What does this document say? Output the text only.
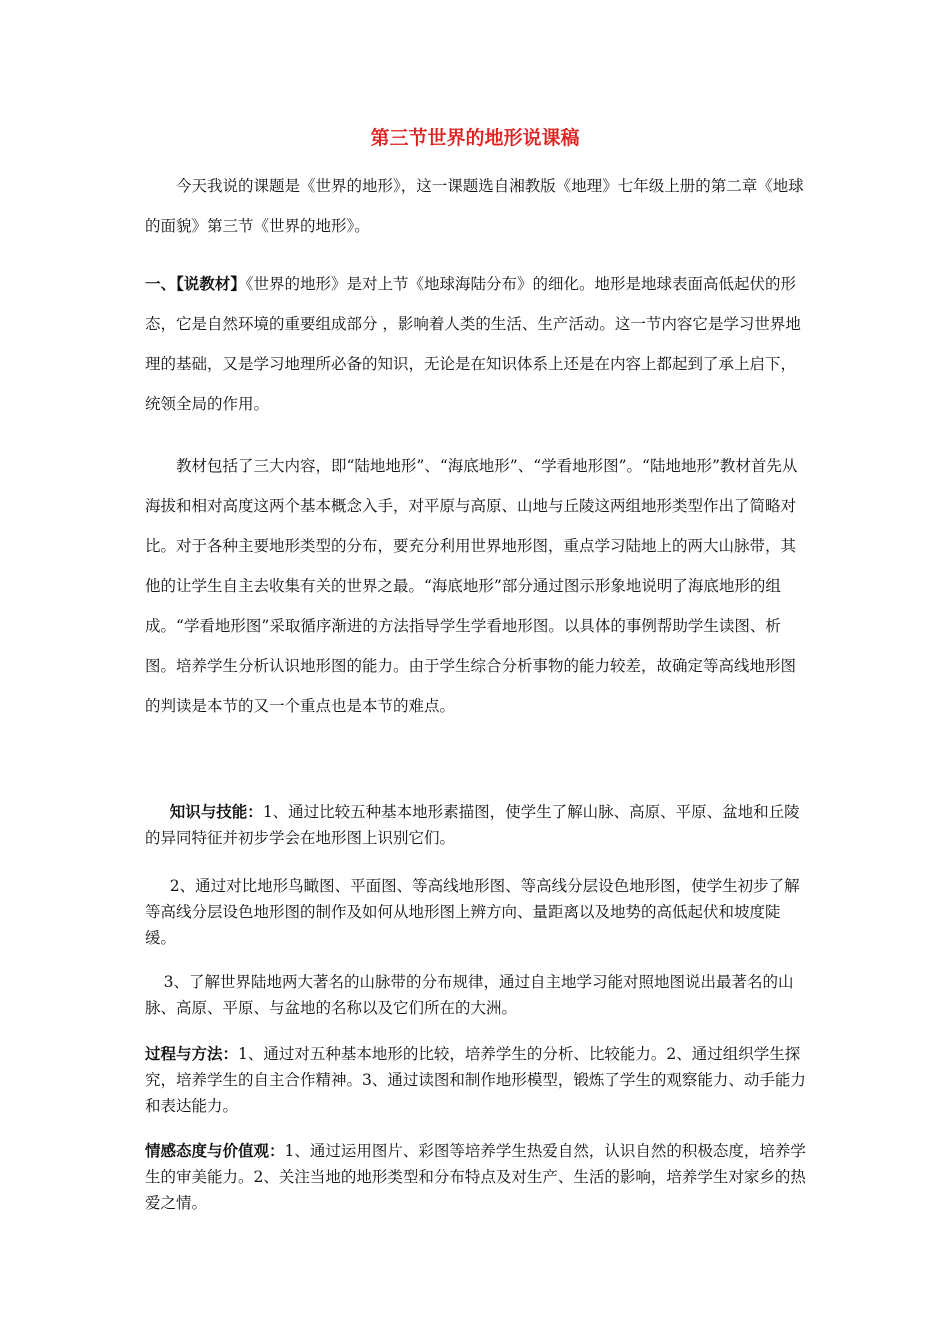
第三节世界的地形说课稿

今天我说的课题是《世界的地形》，这一课题选自湘教版《地理》七年级上册的第二章《地球的面貌》第三节《世界的地形》。

一、【说教材】《世界的地形》是对上节《地球海陆分布》的细化。地形是地球表面高低起伏的形态，它是自然环境的重要组成部分 ，影响着人类的生活、生产活动。这一节内容它是学习世界地理的基础，又是学习地理所必备的知识，无论是在知识体系上还是在内容上都起到了承上启下，统领全局的作用。

教材包括了三大内容，即“陆地地形”、“海底地形”、“学看地形图”。“陆地地形”教材首先从海拔和相对高度这两个基本概念入手，对平原与高原、山地与丘陵这两组地形类型作出了简略对比。对于各种主要地形类型的分布，要充分利用世界地形图，重点学习陆地上的两大山脉带，其他的让学生自主去收集有关的世界之最。“海底地形”部分通过图示形象地说明了海底地形的组成。“学看地形图”采取循序渐进的方法指导学生学看地形图。以具体的事例帮助学生读图、析图。培养学生分析认识地形图的能力。由于学生综合分析事物的能力较差，故确定等高线地形图的判读是本节的又一个重点也是本节的难点。

知识与技能：1、通过比较五种基本地形素描图，使学生了解山脉、高原、平原、盆地和丘陵的异同特征并初步学会在地形图上识别它们。

2、通过对比地形鸟瞰图、平面图、等高线地形图、等高线分层设色地形图，使学生初步了解等高线分层设色地形图的制作及如何从地形图上辨方向、量距离以及地势的高低起伏和坡度陡缓。

3、了解世界陆地两大著名的山脉带的分布规律，通过自主地学习能对照地图说出最著名的山脉、高原、平原、与盆地的名称以及它们所在的大洲。

过程与方法：1、通过对五种基本地形的比较，培养学生的分析、比较能力。2、通过组织学生探究，培养学生的自主合作精神。3、通过读图和制作地形模型，锻炼了学生的观察能力、动手能力和表达能力。

情感态度与价值观：1、通过运用图片、彩图等培养学生热爱自然，认识自然的积极态度，培养学生的审美能力。2、关注当地的地形类型和分布特点及对生产、生活的影响，培养学生对家乡的热爱之情。
